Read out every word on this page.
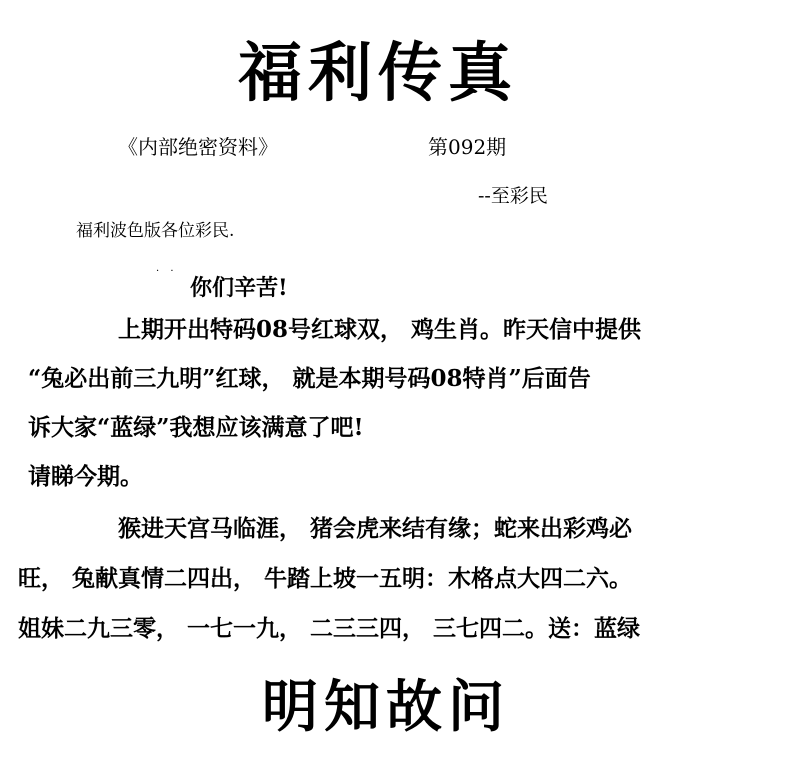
福利传真
《内部绝密资料》	第092期
--至彩民
福利波色版各位彩民.
· ·
你们辛苦!
上期开出特码08号红球双， 鸡生肖。昨天信中提供
“兔必出前三九明”红球， 就是本期号码08特肖”后面告
诉大家“蓝绿”我想应该满意了吧!
请睇今期。
猴进天宫马临涯， 猪会虎来结有缘；蛇来出彩鸡必
旺， 兔献真情二四出， 牛踏上坡一五明：木格点大四二六。
姐妹二九三零， 一七一九， 二三三四， 三七四二。送：蓝绿
明知故问
